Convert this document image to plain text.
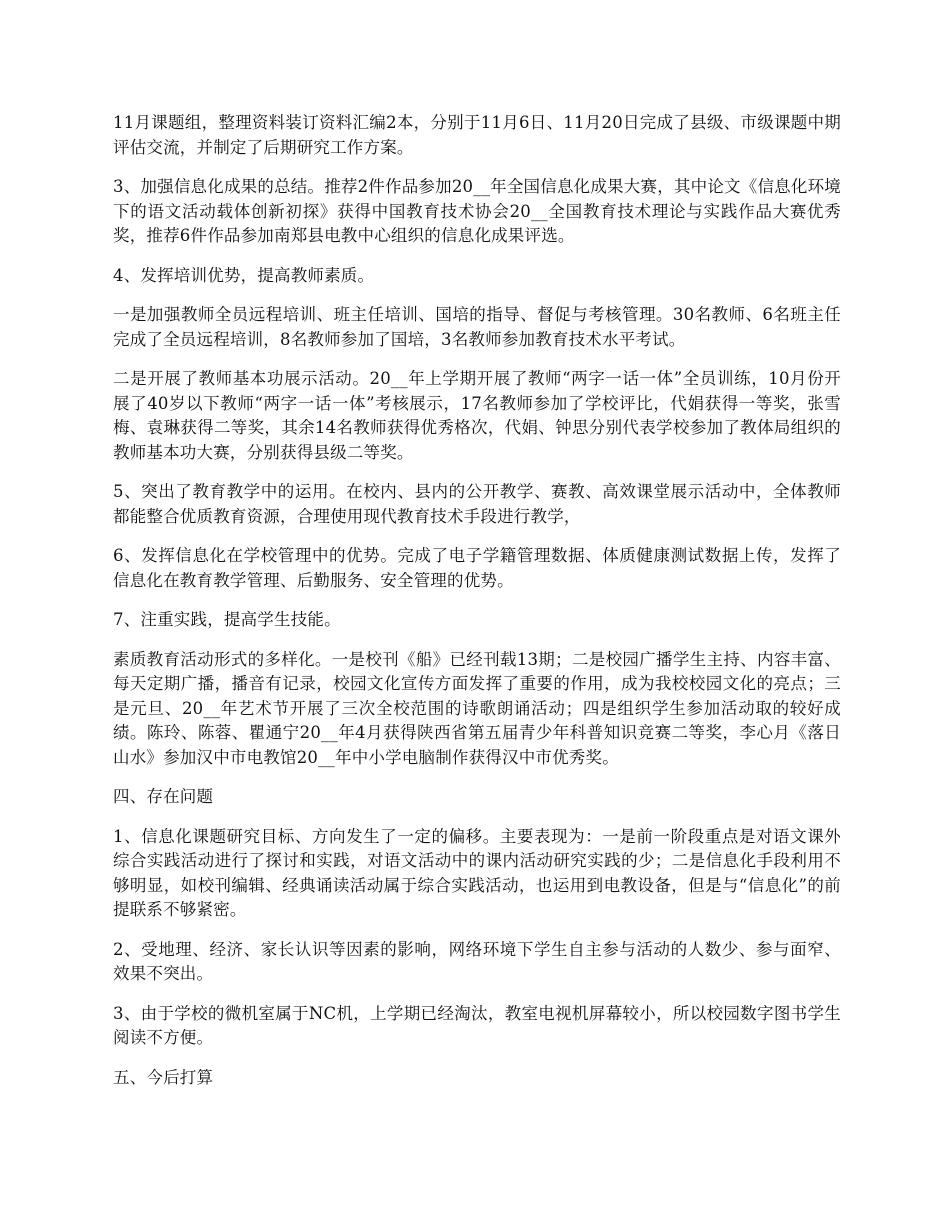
11月课题组，整理资料装订资料汇编2本，分别于11月6日、11月20日完成了县级、市级课题中期评估交流，并制定了后期研究工作方案。

3、加强信息化成果的总结。推荐2件作品参加20__年全国信息化成果大赛，其中论文《信息化环境下的语文活动载体创新初探》获得中国教育技术协会20__全国教育技术理论与实践作品大赛优秀奖，推荐6件作品参加南郑县电教中心组织的信息化成果评选。

4、发挥培训优势，提高教师素质。

一是加强教师全员远程培训、班主任培训、国培的指导、督促与考核管理。30名教师、6名班主任完成了全员远程培训，8名教师参加了国培，3名教师参加教育技术水平考试。

二是开展了教师基本功展示活动。20__年上学期开展了教师“两字一话一体”全员训练，10月份开展了40岁以下教师“两字一话一体”考核展示，17名教师参加了学校评比，代娟获得一等奖，张雪梅、袁琳获得二等奖，其余14名教师获得优秀格次，代娟、钟思分别代表学校参加了教体局组织的教师基本功大赛，分别获得县级二等奖。

5、突出了教育教学中的运用。在校内、县内的公开教学、赛教、高效课堂展示活动中，全体教师都能整合优质教育资源，合理使用现代教育技术手段进行教学，

6、发挥信息化在学校管理中的优势。完成了电子学籍管理数据、体质健康测试数据上传，发挥了信息化在教育教学管理、后勤服务、安全管理的优势。

7、注重实践，提高学生技能。

素质教育活动形式的多样化。一是校刊《船》已经刊载13期；二是校园广播学生主持、内容丰富、每天定期广播，播音有记录，校园文化宣传方面发挥了重要的作用，成为我校校园文化的亮点；三是元旦、20__年艺术节开展了三次全校范围的诗歌朗诵活动；四是组织学生参加活动取的较好成绩。陈玲、陈蓉、瞿通宁20__年4月获得陕西省第五届青少年科普知识竞赛二等奖，李心月《落日山水》参加汉中市电教馆20__年中小学电脑制作获得汉中市优秀奖。

四、存在问题

1、信息化课题研究目标、方向发生了一定的偏移。主要表现为：一是前一阶段重点是对语文课外综合实践活动进行了探讨和实践，对语文活动中的课内活动研究实践的少；二是信息化手段利用不够明显，如校刊编辑、经典诵读活动属于综合实践活动，也运用到电教设备，但是与“信息化”的前提联系不够紧密。

2、受地理、经济、家长认识等因素的影响，网络环境下学生自主参与活动的人数少、参与面窄、效果不突出。

3、由于学校的微机室属于NC机，上学期已经淘汰，教室电视机屏幕较小，所以校园数字图书学生阅读不方便。

五、今后打算
